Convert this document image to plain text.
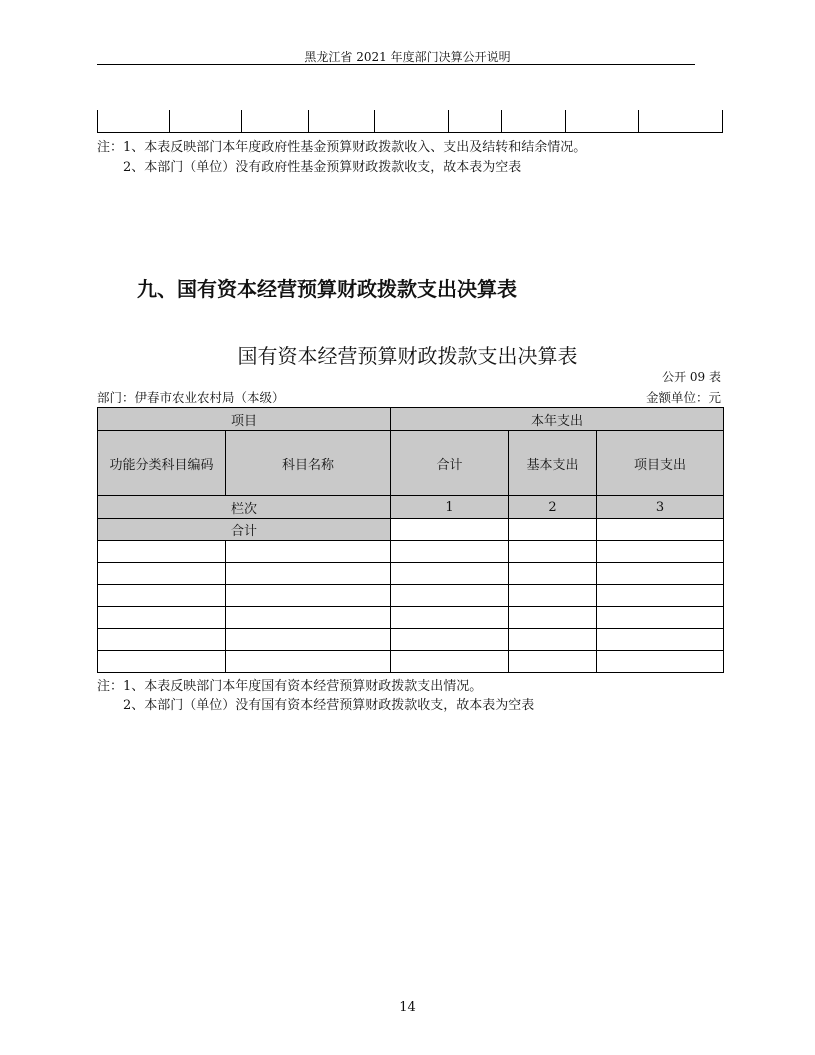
黑龙江省 2021 年度部门决算公开说明

注：1、本表反映部门本年度政府性基金预算财政拨款收入、支出及结转和结余情况。
2、本部门（单位）没有政府性基金预算财政拨款收支，故本表为空表
九、国有资本经营预算财政拨款支出决算表
国有资本经营预算财政拨款支出决算表
公开 09 表
部门：伊春市农业农村局（本级）	金额单位：元
项目		本年支出		
功能分类科目编码	科目名称	合计	基本支出	项目支出
栏次		1	2	3
合计				

注：1、本表反映部门本年度国有资本经营预算财政拨款支出情况。
2、本部门（单位）没有国有资本经营预算财政拨款收支，故本表为空表
14
